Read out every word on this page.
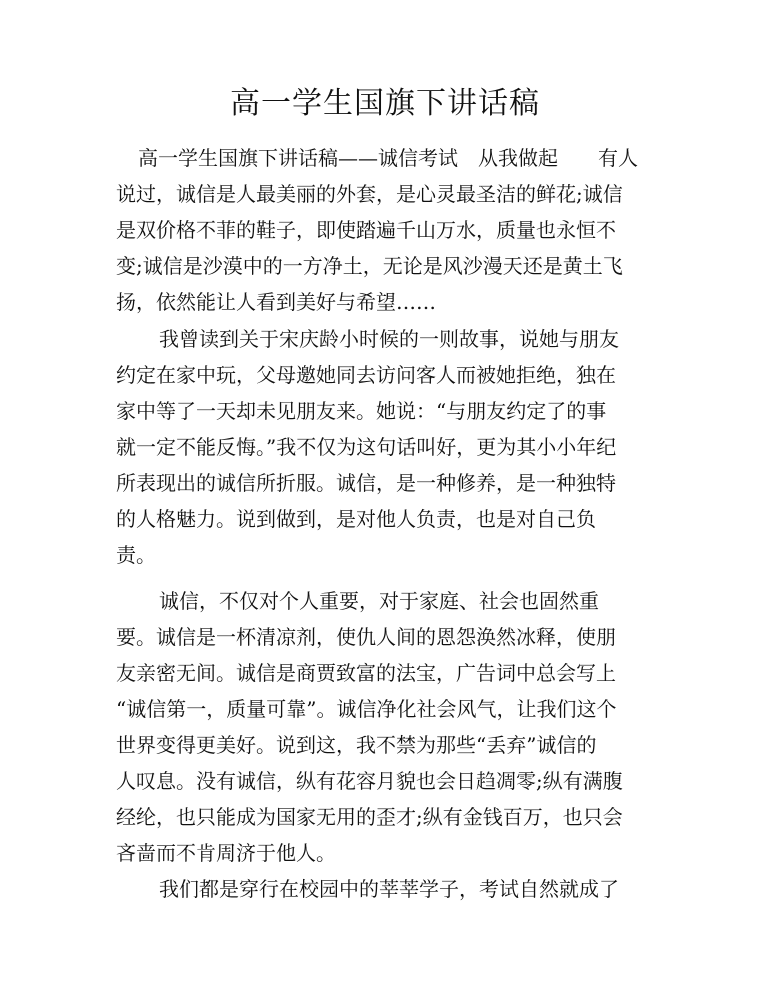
高一学生国旗下讲话稿
高一学生国旗下讲话稿——诚信考试　从我做起　　有人
说过，诚信是人最美丽的外套，是心灵最圣洁的鲜花;诚信
是双价格不菲的鞋子，即使踏遍千山万水，质量也永恒不
变;诚信是沙漠中的一方净土，无论是风沙漫天还是黄土飞
扬，依然能让人看到美好与希望……
我曾读到关于宋庆龄小时候的一则故事，说她与朋友
约定在家中玩，父母邀她同去访问客人而被她拒绝，独在
家中等了一天却未见朋友来。她说：“与朋友约定了的事
就一定不能反悔。”我不仅为这句话叫好，更为其小小年纪
所表现出的诚信所折服。诚信，是一种修养，是一种独特
的人格魅力。说到做到，是对他人负责，也是对自己负
责。
诚信，不仅对个人重要，对于家庭、社会也固然重
要。诚信是一杯清凉剂，使仇人间的恩怨涣然冰释，使朋
友亲密无间。诚信是商贾致富的法宝，广告词中总会写上
“诚信第一，质量可靠”。诚信净化社会风气，让我们这个
世界变得更美好。说到这，我不禁为那些“丢弃”诚信的
人叹息。没有诚信，纵有花容月貌也会日趋凋零;纵有满腹
经纶，也只能成为国家无用的歪才;纵有金钱百万，也只会
吝啬而不肯周济于他人。
我们都是穿行在校园中的莘莘学子，考试自然就成了
